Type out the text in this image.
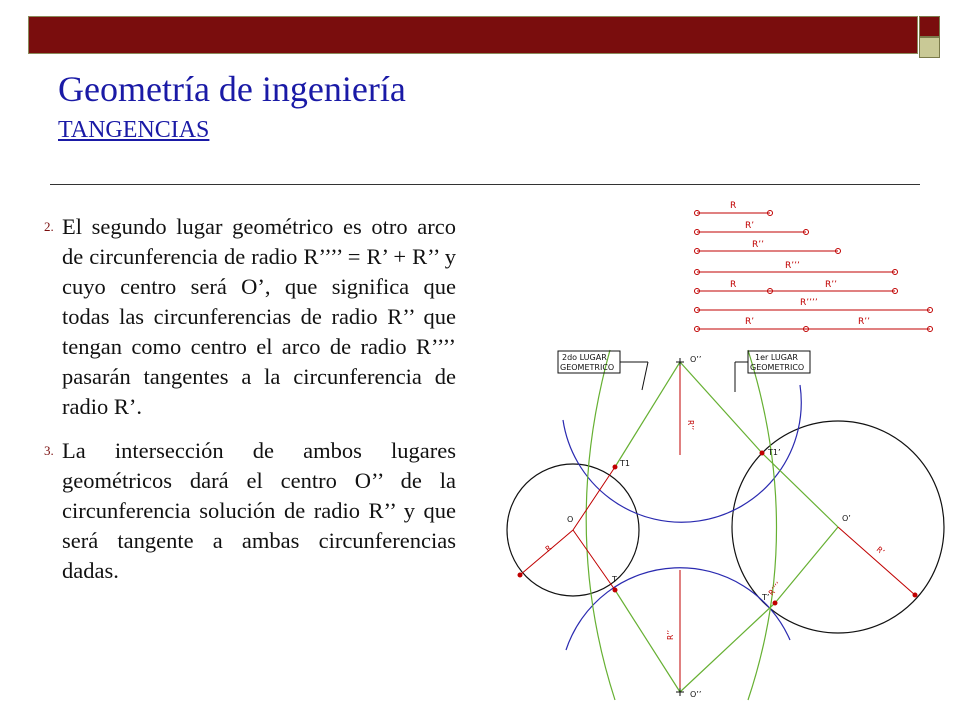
Geometría de ingeniería
TANGENCIAS

2. El segundo lugar geométrico es otro arco de circunferencia de radio R’’’’ = R’ + R’’ y cuyo centro será O’, que significa que todas las circunferencias de radio R’’ que tengan como centro el arco de radio R’’’’ pasarán tangentes a la circunferencia de radio R’.

3. La intersección de ambos lugares geométricos dará el centro O’’ de la circunferencia solución de radio R’’ y que será tangente a ambas circunferencias dadas.

R
R’
R’’
R’’’
R	R’’
R’’’’
R’	R’’
2do LUGAR
GEOMETRICO
1er LUGAR
GEOMETRICO
O’’
O’’
O	O’
T1
T1’
T
T’
R	R’
R’’
R’’
R’’’’
